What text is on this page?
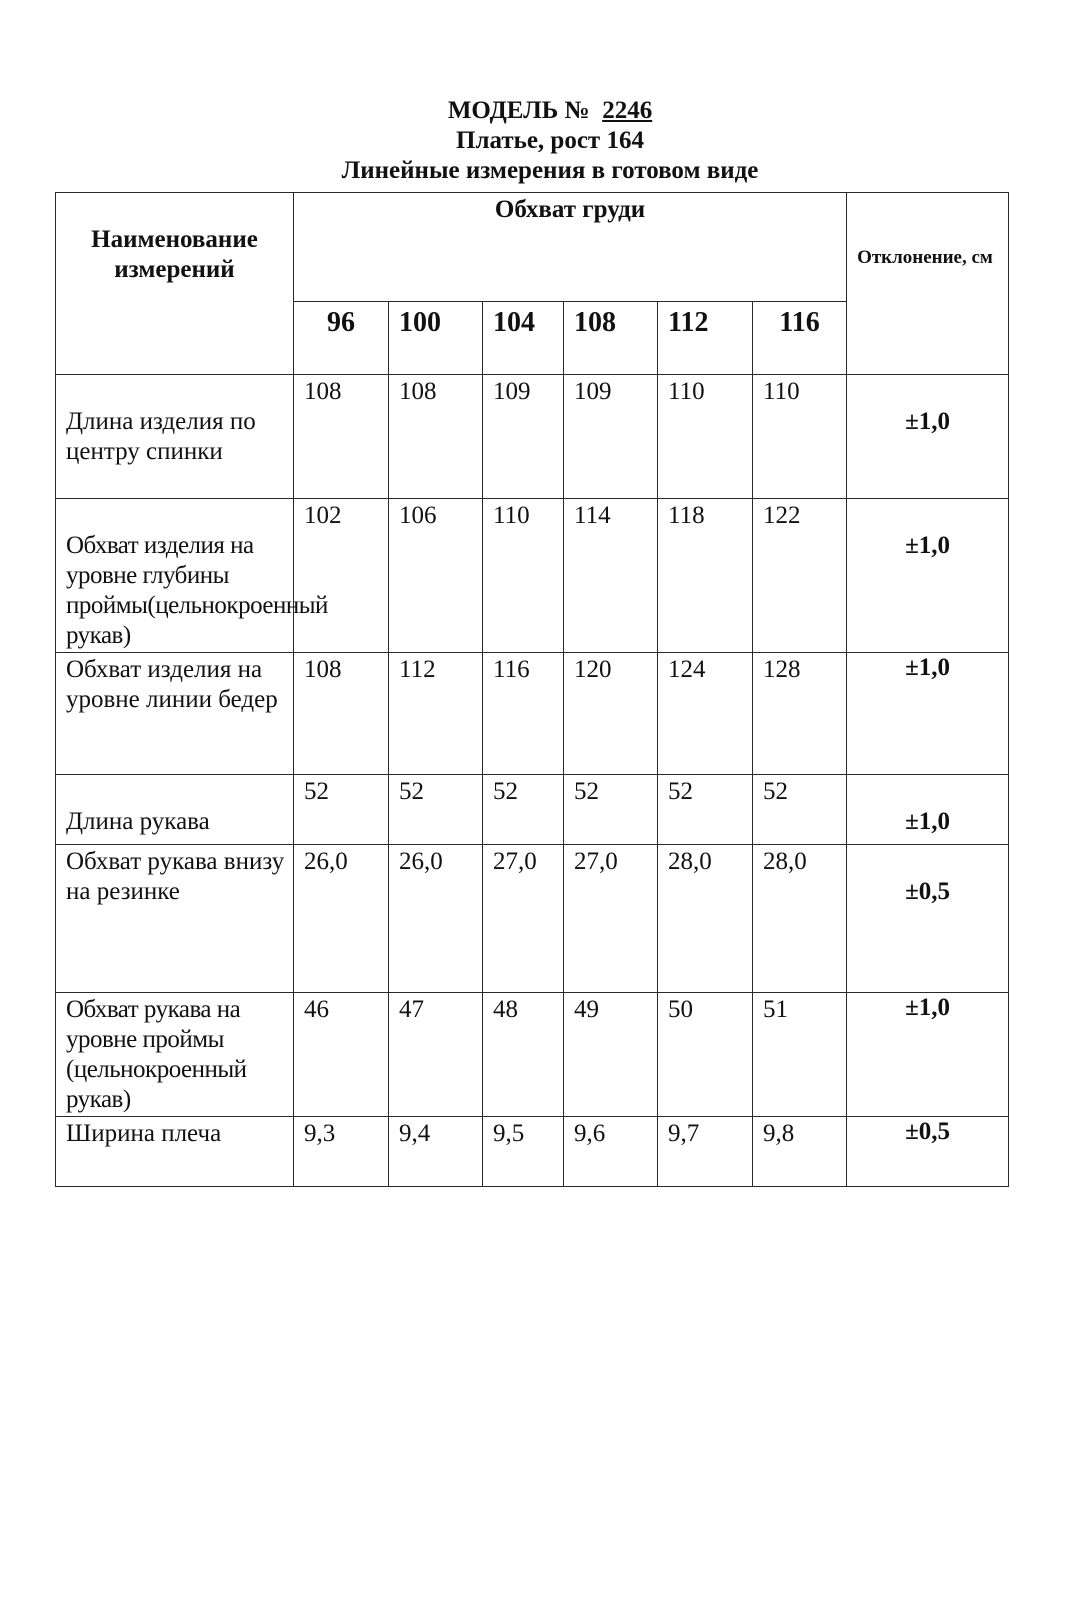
МОДЕЛЬ № 2246
Платье, рост 164
Линейные измерения в готовом виде
Наименование измерений	Обхват груди						Отклонение, см
	96	100	104	108	112	116	
Длина изделия по центру спинки	108	108	109	109	110	110	±1,0
Обхват изделия на уровне глубины проймы(цельнокроенный рукав)	102	106	110	114	118	122	±1,0
Обхват изделия на уровне линии бедер	108	112	116	120	124	128	±1,0
Длина рукава	52	52	52	52	52	52	±1,0
Обхват рукава внизу на резинке	26,0	26,0	27,0	27,0	28,0	28,0	±0,5
Обхват рукава на уровне проймы (цельнокроенный рукав)	46	47	48	49	50	51	±1,0
Ширина плеча	9,3	9,4	9,5	9,6	9,7	9,8	±0,5
